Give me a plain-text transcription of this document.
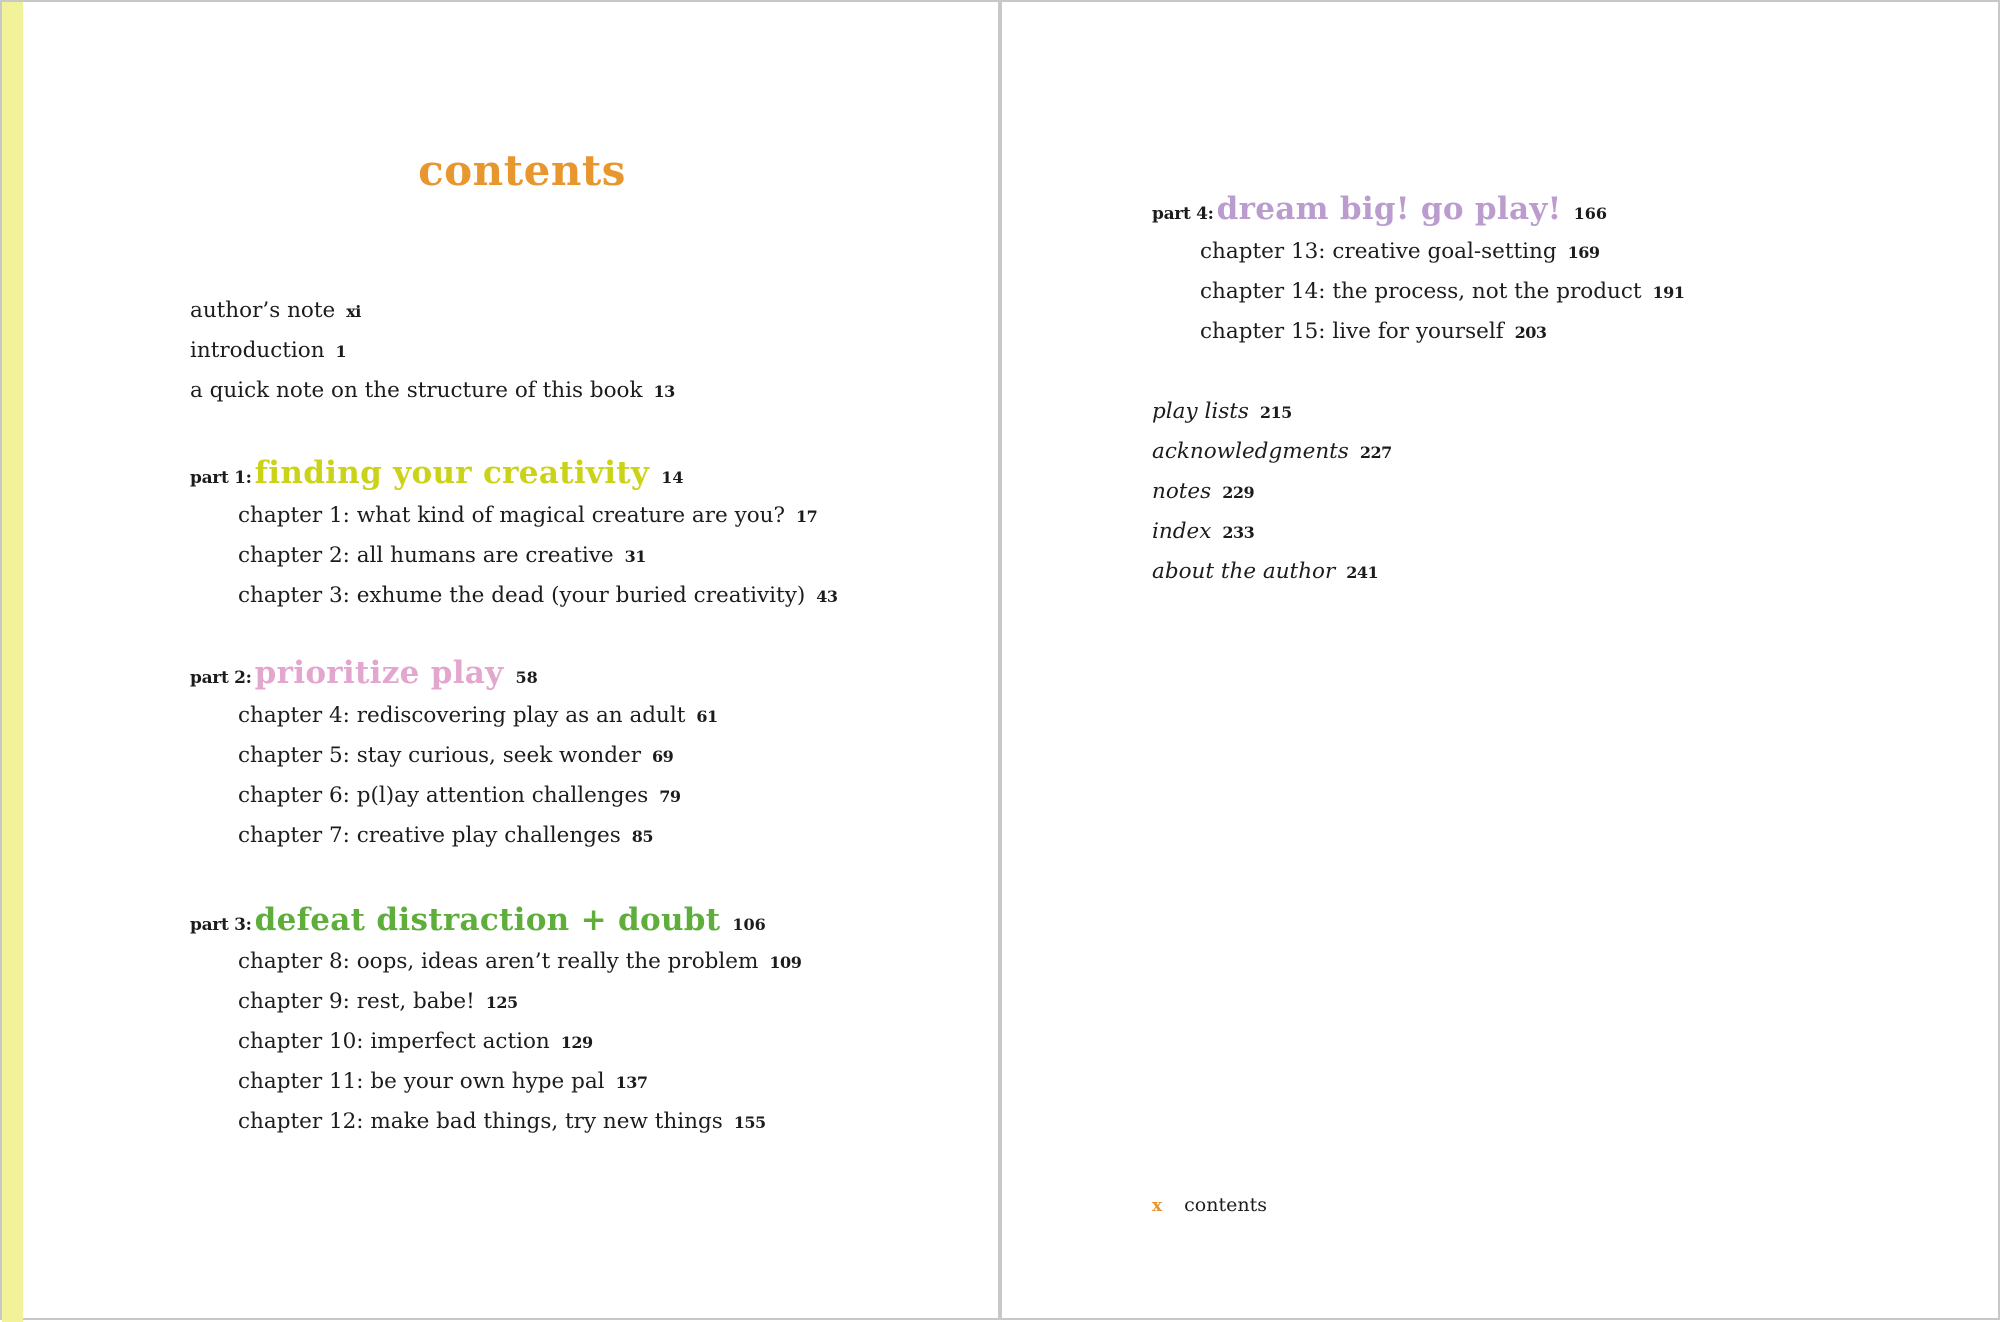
contents
author’s note xi
introduction 1
a quick note on the structure of this book 13
part 1:finding your creativity 14
chapter 1: what kind of magical creature are you? 17
chapter 2: all humans are creative 31
chapter 3: exhume the dead (your buried creativity) 43
part 2:prioritize play 58
chapter 4: rediscovering play as an adult 61
chapter 5: stay curious, seek wonder 69
chapter 6: p(l)ay attention challenges 79
chapter 7: creative play challenges 85
part 3:defeat distraction + doubt 106
chapter 8: oops, ideas aren’t really the problem 109
chapter 9: rest, babe! 125
chapter 10: imperfect action 129
chapter 11: be your own hype pal 137
chapter 12: make bad things, try new things 155
part 4:dream big! go play! 166
chapter 13: creative goal-setting 169
chapter 14: the process, not the product 191
chapter 15: live for yourself 203
play lists 215
acknowledgments 227
notes 229
index 233
about the author 241
x contents
